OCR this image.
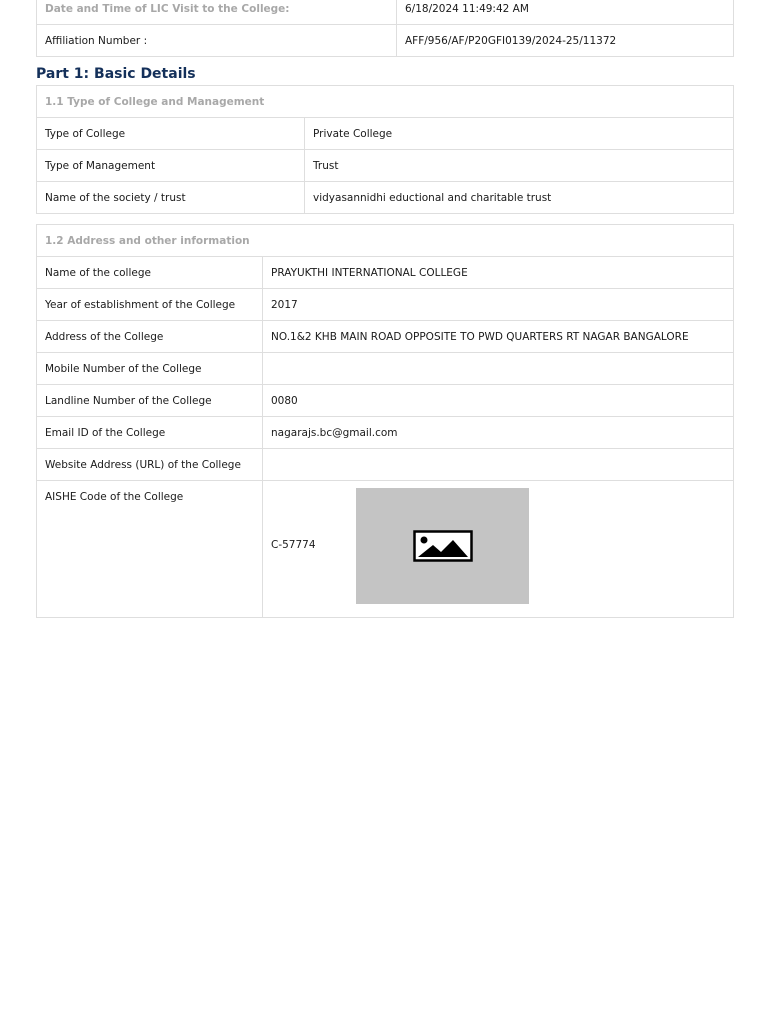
Date and Time of LIC Visit to the College:	6/18/2024 11:49:42 AM
Affiliation Number :	AFF/956/AF/P20GFI0139/2024-25/11372
Part 1: Basic Details
1.1 Type of College and Management	
Type of College	Private College
Type of Management	Trust
Name of the society / trust	vidyasannidhi eductional and charitable trust
1.2 Address and other information	
Name of the college	PRAYUKTHI INTERNATIONAL COLLEGE
Year of establishment of the College	2017
Address of the College	NO.1&2 KHB MAIN ROAD OPPOSITE TO PWD QUARTERS RT NAGAR BANGALORE
Mobile Number of the College	
Landline Number of the College	0080
Email ID of the College	nagarajs.bc@gmail.com
Website Address (URL) of the College	
AISHE Code of the College	C-57774
